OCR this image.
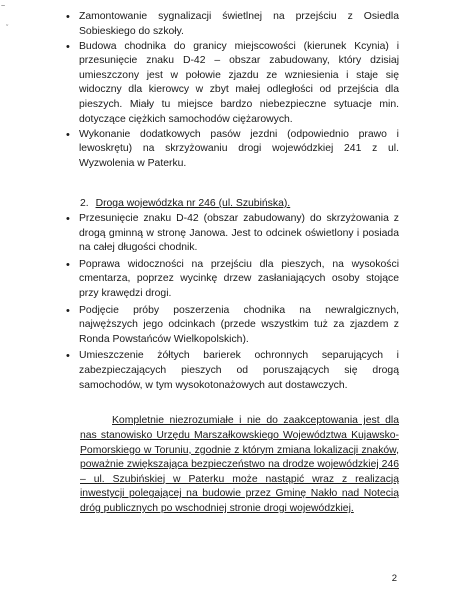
~
ˇ
• Zamontowanie sygnalizacji świetlnej na przejściu z Osiedla Sobieskiego do szkoły.
• Budowa chodnika do granicy miejscowości (kierunek Kcynia) i przesunięcie znaku D-42 – obszar zabudowany, który dzisiaj umieszczony jest w połowie zjazdu ze wzniesienia i staje się widoczny dla kierowcy w zbyt małej odległości od przejścia dla pieszych. Miały tu miejsce bardzo niebezpieczne sytuacje min. dotyczące ciężkich samochodów ciężarowych.
• Wykonanie dodatkowych pasów jezdni (odpowiednio prawo i lewoskrętu) na skrzyżowaniu drogi wojewódzkiej 241 z ul. Wyzwolenia w Paterku.
2. Droga wojewódzka nr 246 (ul. Szubińska).
• Przesunięcie znaku D-42 (obszar zabudowany) do skrzyżowania z drogą gminną w stronę Janowa. Jest to odcinek oświetlony i posiada na całej długości chodnik.
• Poprawa widoczności na przejściu dla pieszych, na wysokości cmentarza, poprzez wycinkę drzew zasłaniających osoby stojące przy krawędzi drogi.
• Podjęcie próby poszerzenia chodnika na newralgicznych, najwęższych jego odcinkach (przede wszystkim tuż za zjazdem z Ronda Powstańców Wielkopolskich).
• Umieszczenie żółtych barierek ochronnych separujących i zabezpieczających pieszych od poruszających się drogą samochodów, w tym wysokotonażowych aut dostawczych.

Kompletnie niezrozumiałe i nie do zaakceptowania jest dla nas stanowisko Urzędu Marszałkowskiego Województwa Kujawsko-Pomorskiego w Toruniu, zgodnie z którym zmiana lokalizacji znaków, poważnie zwiększająca bezpieczeństwo na drodze wojewódzkiej 246 – ul. Szubińskiej w Paterku może nastąpić wraz z realizacją inwestycji polegającej na budowie przez Gminę Nakło nad Notecią dróg publicznych po wschodniej stronie drogi wojewódzkiej.

2
